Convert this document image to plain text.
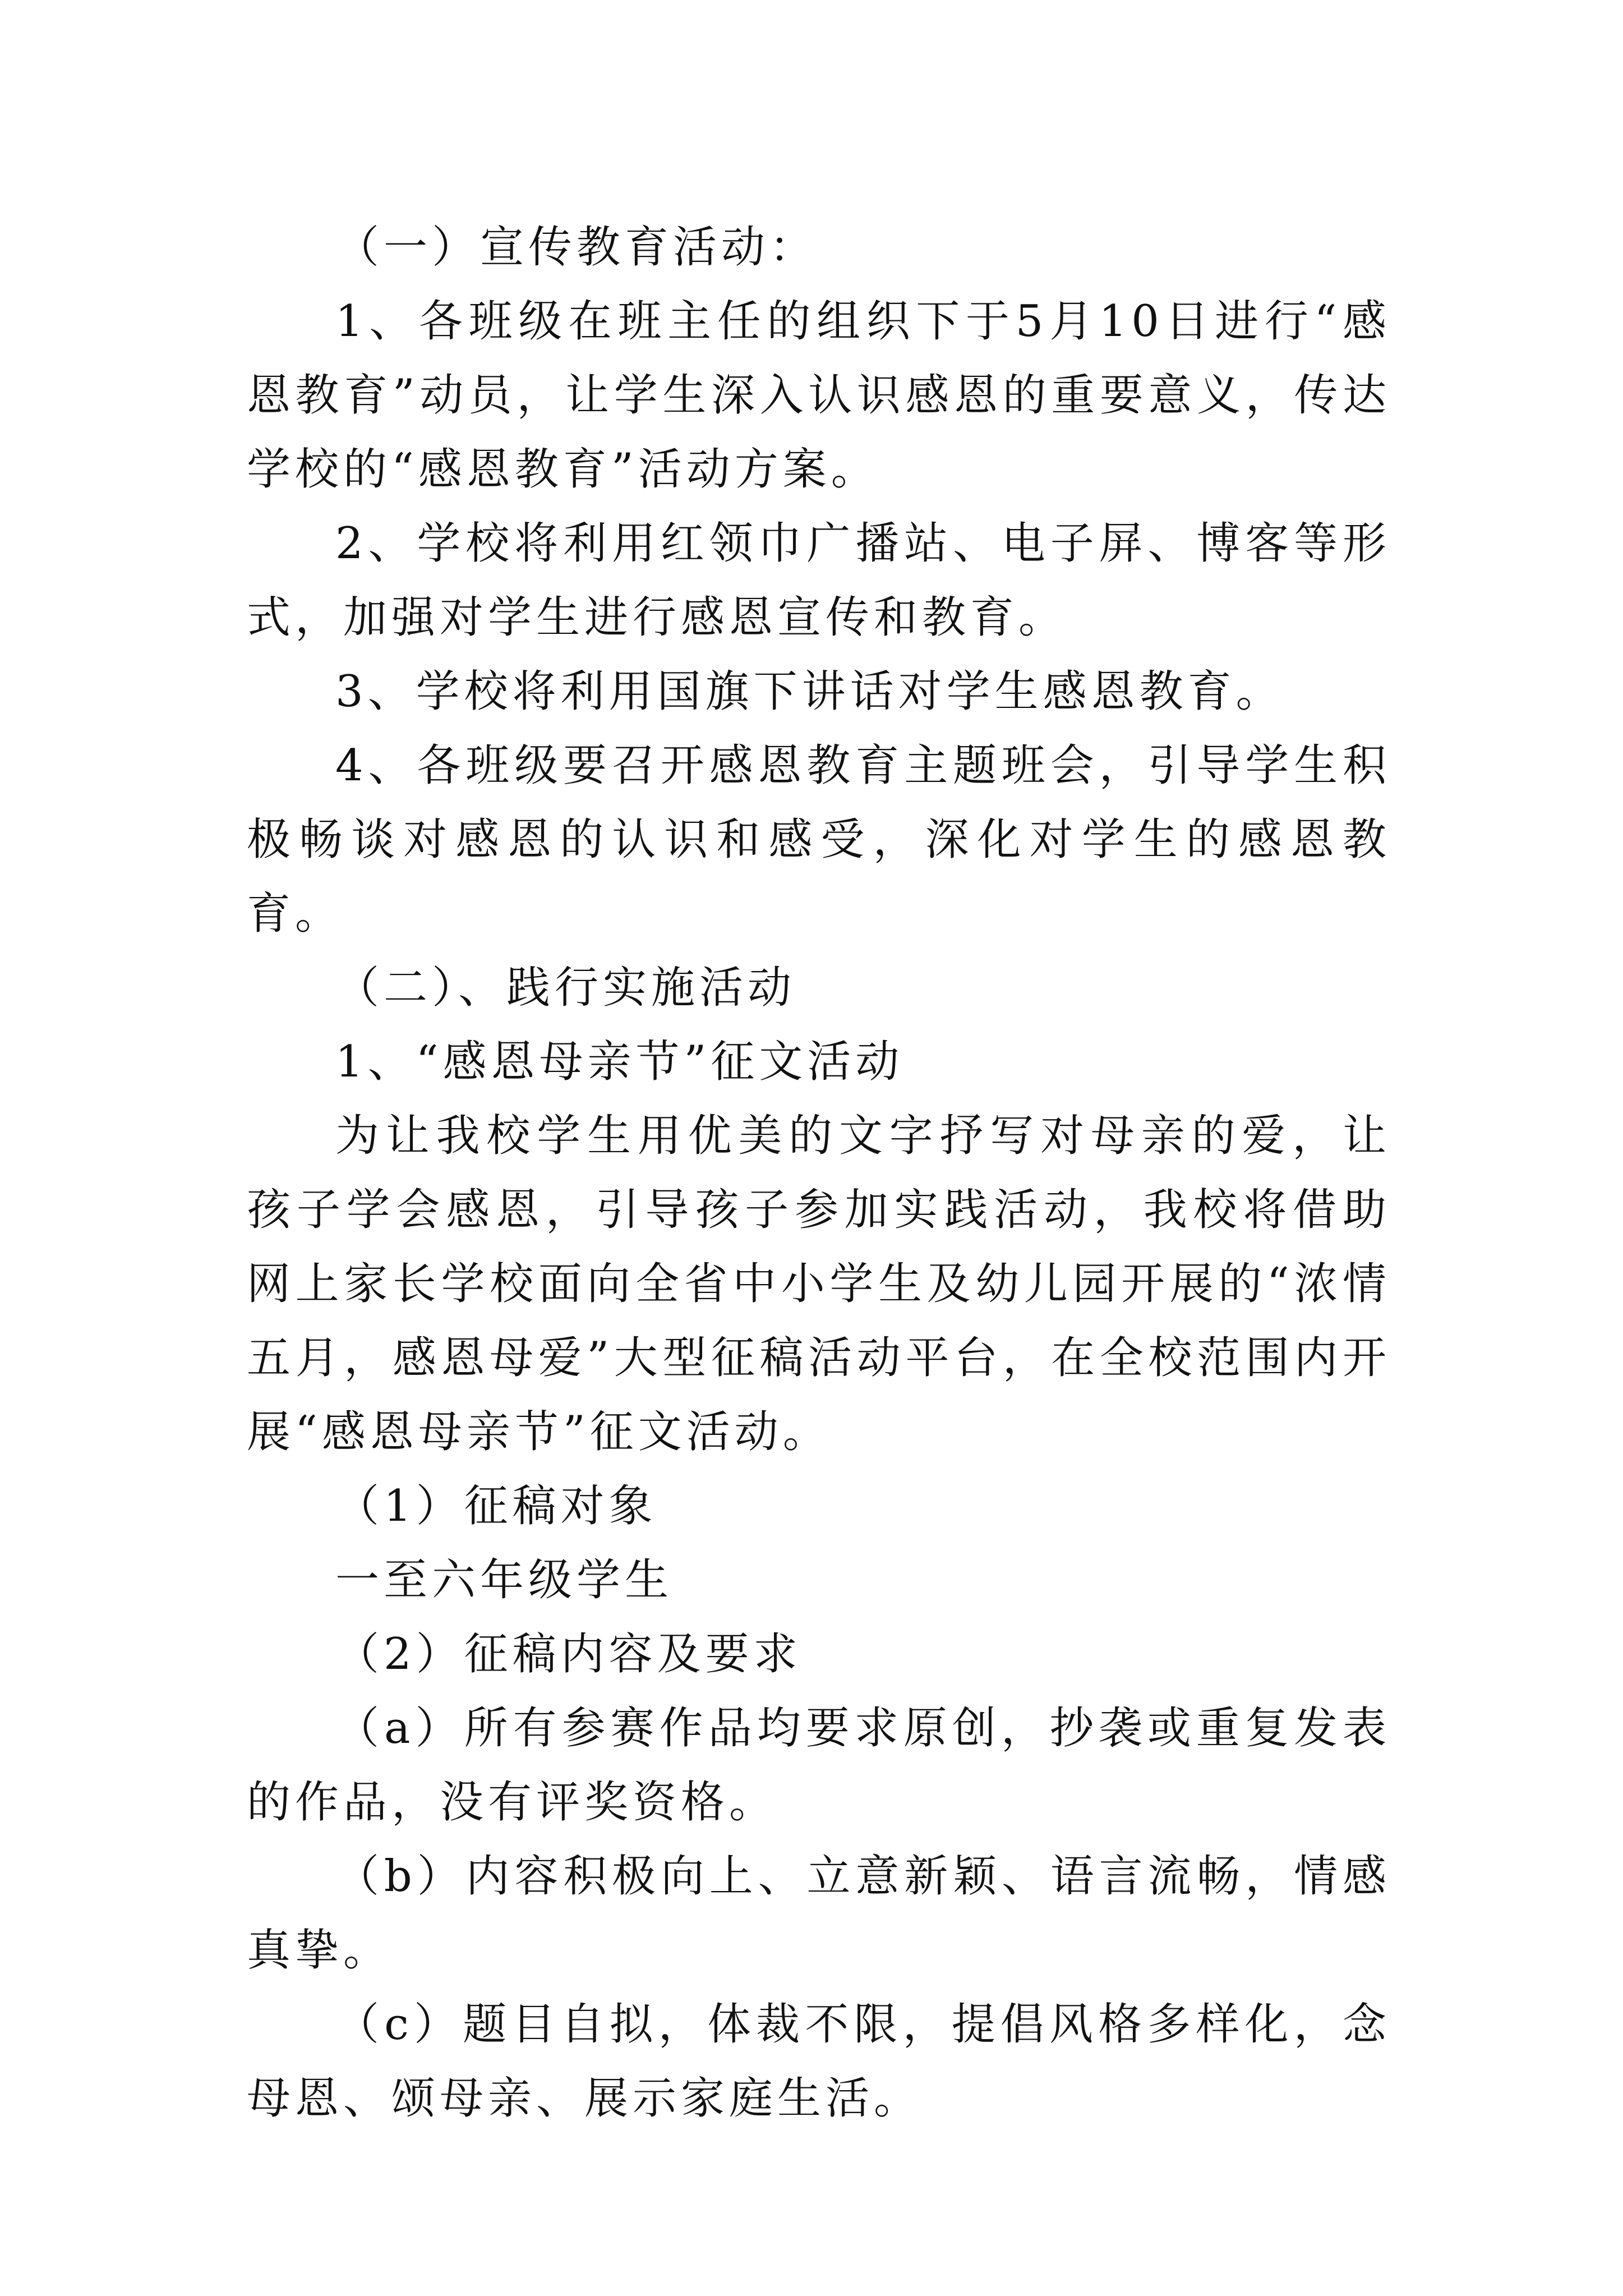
（一）宣传教育活动：

1、各班级在班主任的组织下于5月10日进行“感恩教育”动员，让学生深入认识感恩的重要意义，传达学校的“感恩教育”活动方案。

2、学校将利用红领巾广播站、电子屏、博客等形式，加强对学生进行感恩宣传和教育。

3、学校将利用国旗下讲话对学生感恩教育。

4、各班级要召开感恩教育主题班会，引导学生积极畅谈对感恩的认识和感受，深化对学生的感恩教育。

（二）、践行实施活动

1、“感恩母亲节”征文活动

为让我校学生用优美的文字抒写对母亲的爱，让孩子学会感恩，引导孩子参加实践活动，我校将借助网上家长学校面向全省中小学生及幼儿园开展的“浓情五月，感恩母爱”大型征稿活动平台，在全校范围内开展“感恩母亲节”征文活动。

（1）征稿对象

一至六年级学生

（2）征稿内容及要求

（a）所有参赛作品均要求原创，抄袭或重复发表的作品，没有评奖资格。

（b）内容积极向上、立意新颖、语言流畅，情感真挚。

（c）题目自拟，体裁不限，提倡风格多样化，念母恩、颂母亲、展示家庭生活。
